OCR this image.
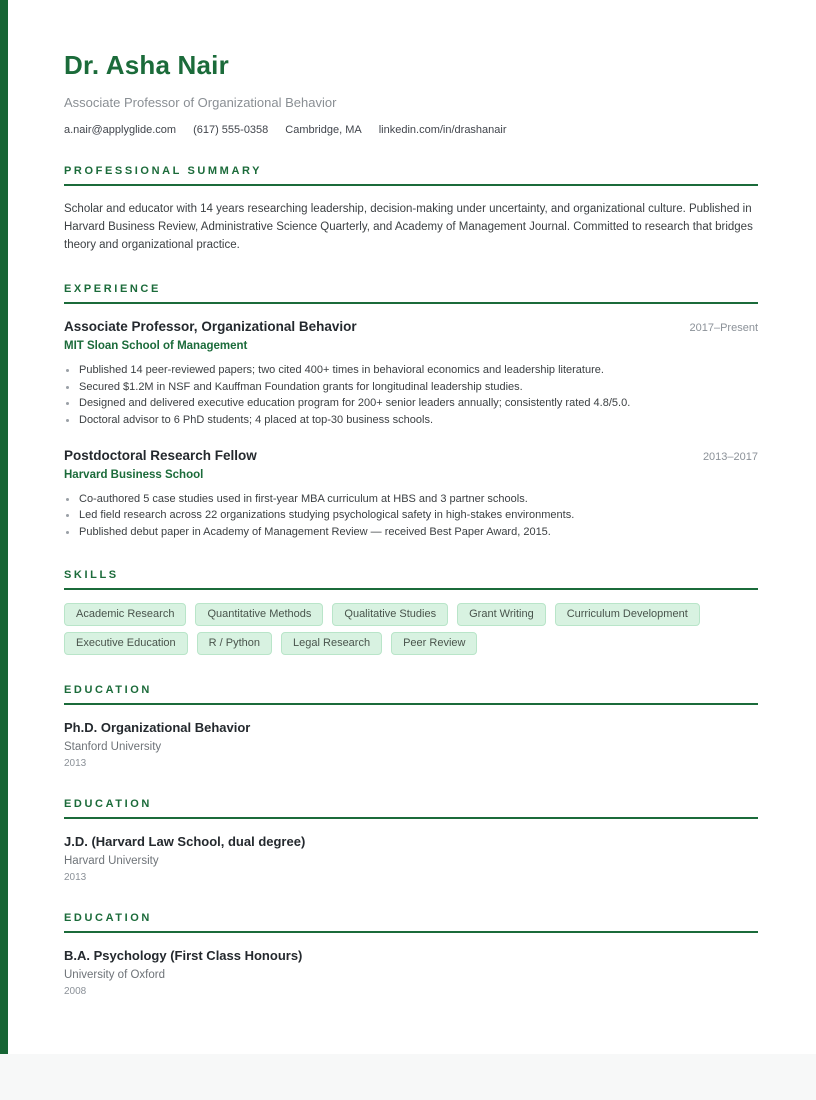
Dr. Asha Nair
Associate Professor of Organizational Behavior
a.nair@applyglide.com (617) 555-0358 Cambridge, MA linkedin.com/in/drashanair
PROFESSIONAL SUMMARY

Scholar and educator with 14 years researching leadership, decision-making under uncertainty, and organizational culture. Published in Harvard Business Review, Administrative Science Quarterly, and Academy of Management Journal. Committed to research that bridges theory and organizational practice.

EXPERIENCE
Associate Professor, Organizational Behavior	2017–Present
MIT Sloan School of Management
Published 14 peer-reviewed papers; two cited 400+ times in behavioral economics and leadership literature.
Secured $1.2M in NSF and Kauffman Foundation grants for longitudinal leadership studies.
Designed and delivered executive education program for 200+ senior leaders annually; consistently rated 4.8/5.0.
Doctoral advisor to 6 PhD students; 4 placed at top-30 business schools.
Postdoctoral Research Fellow	2013–2017
Harvard Business School
Co-authored 5 case studies used in first-year MBA curriculum at HBS and 3 partner schools.
Led field research across 22 organizations studying psychological safety in high-stakes environments.
Published debut paper in Academy of Management Review — received Best Paper Award, 2015.
SKILLS
Academic Research	Quantitative Methods	Qualitative Studies	Grant Writing	Curriculum Development
Executive Education	R / Python	Legal Research	Peer Review
EDUCATION
Ph.D. Organizational Behavior
Stanford University
2013
EDUCATION
J.D. (Harvard Law School, dual degree)
Harvard University
2013
EDUCATION
B.A. Psychology (First Class Honours)
University of Oxford
2008
